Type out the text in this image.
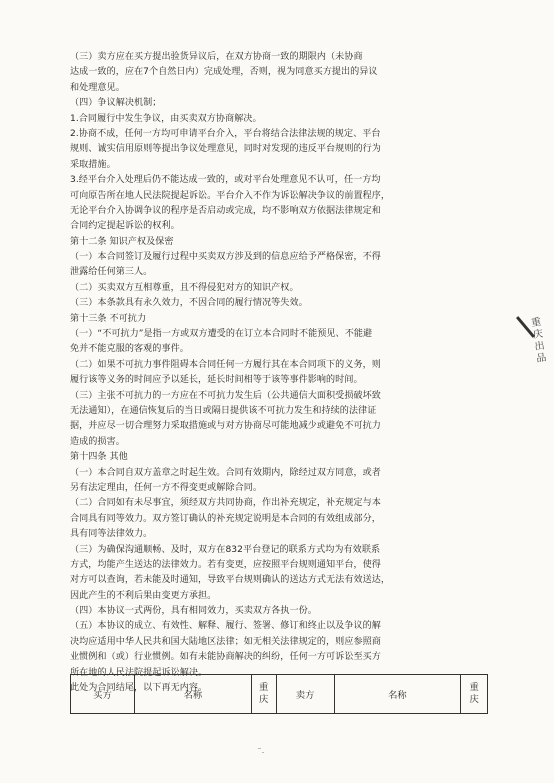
（三）卖方应在买方提出验货异议后，在双方协商一致的期限内（未协商
达成一致的，应在7个自然日内）完成处理，否则，视为同意买方提出的异议
和处理意见。
（四）争议解决机制；
1.合同履行中发生争议，由买卖双方协商解决。
2.协商不成，任何一方均可申请平台介入，平台将结合法律法规的规定、平台
规则、诚实信用原则等提出争议处理意见，同时对发现的违反平台规则的行为
采取措施。
3.经平台介入处理后仍不能达成一致的，或对平台处理意见不认可，任一方均
可向原告所在地人民法院提起诉讼。平台介入不作为诉讼解决争议的前置程序，
无论平台介入协调争议的程序是否启动或完成，均不影响双方依据法律规定和
合同约定提起诉讼的权利。
第十二条 知识产权及保密
（一）本合同签订及履行过程中买卖双方涉及到的信息应给予严格保密，不得
泄露给任何第三人。
（二）买卖双方互相尊重，且不得侵犯对方的知识产权。
（三）本条款具有永久效力，不因合同的履行情况等失效。
第十三条 不可抗力
（一）“不可抗力”是指一方或双方遭受的在订立本合同时不能预见、不能避
免并不能克服的客观的事件。
（二）如果不可抗力事件阻碍本合同任何一方履行其在本合同项下的义务，则
履行该等义务的时间应予以延长，延长时间相等于该等事件影响的时间。
（三）主张不可抗力的一方应在不可抗力发生后（公共通信大面积受损破坏致
无法通知），在通信恢复后的当日或隔日提供该不可抗力发生和持续的法律证
据，并应尽一切合理努力采取措施或与对方协商尽可能地减少或避免不可抗力
造成的损害。
第十四条 其他
（一）本合同自双方盖章之时起生效。合同有效期内，除经过双方同意，或者
另有法定理由，任何一方不得变更或解除合同。
（二）合同如有未尽事宜，须经双方共同协商，作出补充规定，补充规定与本
合同具有同等效力。双方签订确认的补充规定说明是本合同的有效组成部分，
具有同等法律效力。
（三）为确保沟通顺畅、及时，双方在832平台登记的联系方式均为有效联系
方式，均能产生送达的法律效力。若有变更，应按照平台规则通知平台，使得
对方可以查询，若未能及时通知，导致平台规则确认的送达方式无法有效送达，
因此产生的不利后果由变更方承担。
（四）本协议一式两份，具有相同效力，买卖双方各执一份。
（五）本协议的成立、有效性、解释、履行、签署、修订和终止以及争议的解
决均应适用中华人民共和国大陆地区法律；如无相关法律规定的，则应参照商
业惯例和（或）行业惯例。如有未能协商解决的纠纷，任何一方可诉讼至买方
所在地的人民法院提起诉讼解决。
此处为合同结尾，以下再无内容。
买方	名称	重
庆	卖方	名称	重
庆
重庆出品
